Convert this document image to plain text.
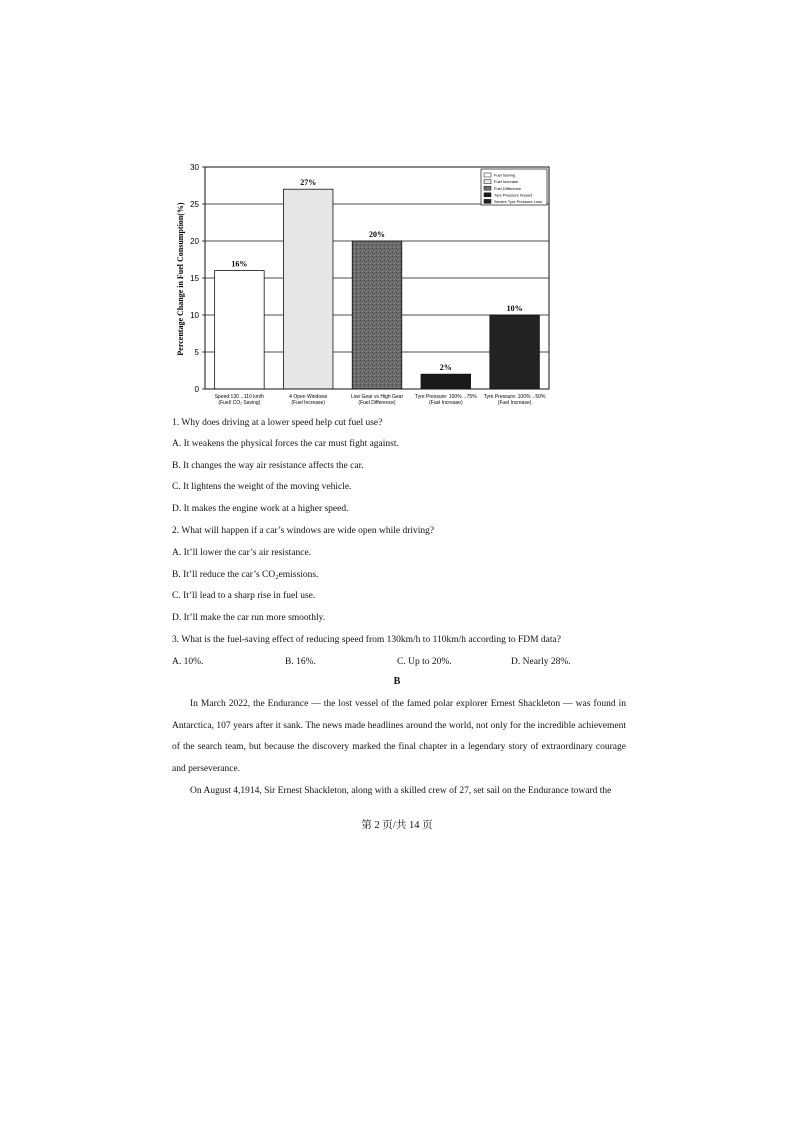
16%
27%
20%
2%
10%
0
5
10
15
20
25
30
Speed:130→110 km/h
(Fuel/ CO₂ Saving)
4 Open Windows
(Fuel Increase)
Low Gear vs High Gear
(Fuel Difference)
Tyre Pressure: 100%→75%
(Fuel Increase)
Tyre Pressure: 100%→50%
(Fuel Increase)
Percentage Change in Fuel Consumption(%)
Fuel Saving
Fuel Increase
Fuel Difference
Tyre Pressure Impact
Severe Tyre Pressure Loss
1. Why does driving at a lower speed help cut fuel use?
A. It weakens the physical forces the car must fight against.
B. It changes the way air resistance affects the car.
C. It lightens the weight of the moving vehicle.
D. It makes the engine work at a higher speed.
2. What will happen if a car’s windows are wide open while driving?
A. It’ll lower the car’s air resistance.
B. It’ll reduce the car’s CO₂emissions.
C. It’ll lead to a sharp rise in fuel use.
D. It’ll make the car run more smoothly.
3. What is the fuel-saving effect of reducing speed from 130km/h to 110km/h according to FDM data?
A. 10%.	B. 16%.	C. Up to 20%.	D. Nearly 28%.
B
In March 2022, the Endurance — the lost vessel of the famed polar explorer Ernest Shackleton — was found in Antarctica, 107 years after it sank. The news made headlines around the world, not only for the incredible achievement of the search team, but because the discovery marked the final chapter in a legendary story of extraordinary courage and perseverance.
On August 4,1914, Sir Ernest Shackleton, along with a skilled crew of 27, set sail on the Endurance toward the
第 2 页/共 14 页
